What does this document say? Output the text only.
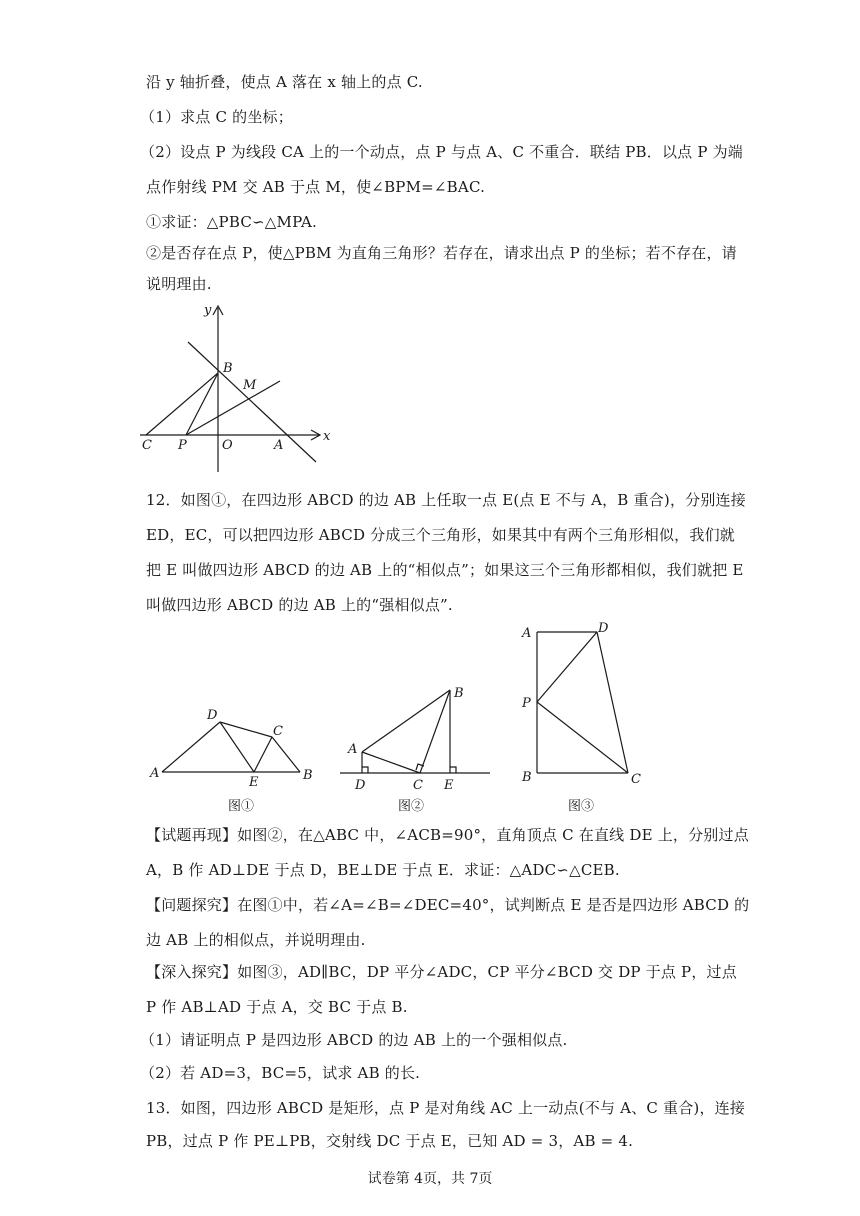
沿 y 轴折叠，使点 A 落在 x 轴上的点 C.
（1）求点 C 的坐标；
（2）设点 P 为线段 CA 上的一个动点，点 P 与点 A、C 不重合．联结 PB．以点 P 为端
点作射线 PM 交 AB 于点 M，使∠BPM=∠BAC.
①求证：△PBC∽△MPA.
②是否存在点 P，使△PBM 为直角三角形？若存在，请求出点 P 的坐标；若不存在，请
说明理由.
y
x
B
M
C P	O	A
12．如图①，在四边形 ABCD 的边 AB 上任取一点 E(点 E 不与 A，B 重合)，分别连接
ED，EC，可以把四边形 ABCD 分成三个三角形，如果其中有两个三角形相似，我们就
把 E 叫做四边形 ABCD 的边 AB 上的“相似点”；如果这三个三角形都相似，我们就把 E
叫做四边形 ABCD 的边 AB 上的“强相似点”.
A
D
C
E	B
图①
A
B
D	C E
图②
A	D
P
B	C
图③
【试题再现】如图②，在△ABC 中，∠ACB=90°，直角顶点 C 在直线 DE 上，分别过点
A，B 作 AD⊥DE 于点 D，BE⊥DE 于点 E．求证：△ADC∽△CEB.
【问题探究】在图①中，若∠A=∠B=∠DEC=40°，试判断点 E 是否是四边形 ABCD 的
边 AB 上的相似点，并说明理由.
【深入探究】如图③，AD∥BC，DP 平分∠ADC，CP 平分∠BCD 交 DP 于点 P，过点
P 作 AB⊥AD 于点 A，交 BC 于点 B.
（1）请证明点 P 是四边形 ABCD 的边 AB 上的一个强相似点.
（2）若 AD=3，BC=5，试求 AB 的长.
13．如图，四边形 ABCD 是矩形，点 P 是对角线 AC 上一动点(不与 A、C 重合)，连接
PB，过点 P 作 PE⊥PB，交射线 DC 于点 E，已知 AD = 3，AB = 4.
试卷第 4页，共 7页
